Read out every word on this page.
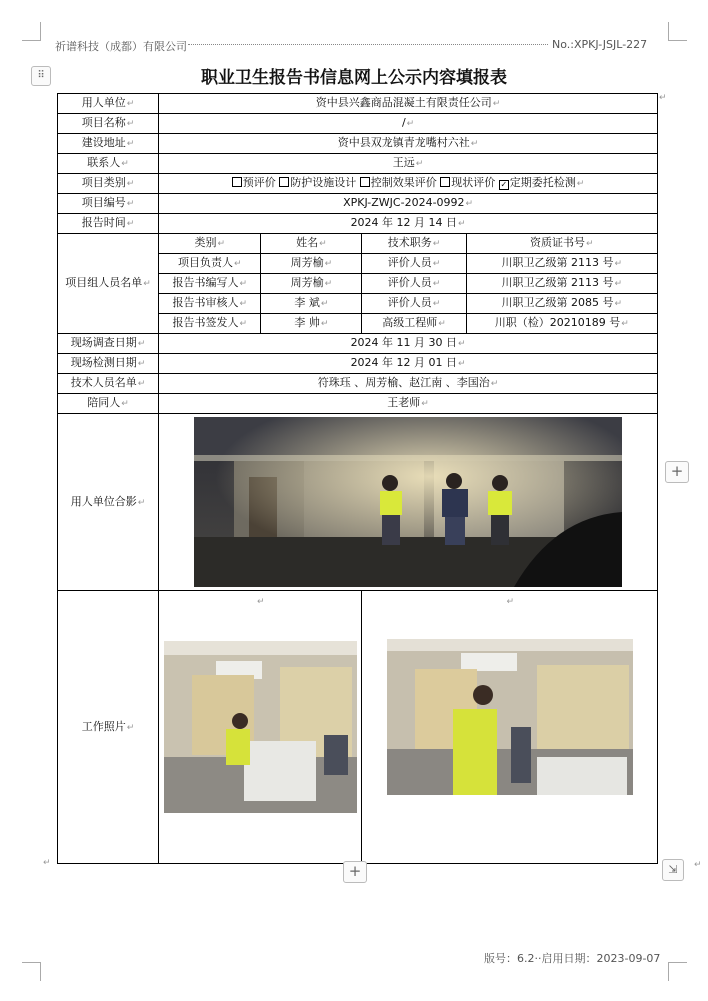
祈谱科技（成都）有限公司	No.:XPKJ-JSJL-227
⠿	职业卫生报告书信息网上公示内容填报表
用人单位↵	资中县兴鑫商品混凝土有限责任公司↵			
项目名称↵	/↵			
建设地址↵	资中县双龙镇青龙嘴村六社↵			
联系人↵	王远↵			
项目类别↵	预评价 防护设施设计 控制效果评价 现状评价 ✓ 定期委托检测↵			
项目编号↵	XPKJ-ZWJC-2024-0992↵			
报告时间↵	2024 年 12 月 14 日↵			
项目组人员名单↵	类别↵	姓名↵	技术职务↵	资质证书号↵
	项目负责人↵	周芳榆↵	评价人员↵	川职卫乙级第 2113 号↵
	报告书编写人↵	周芳榆↵	评价人员↵	川职卫乙级第 2113 号↵
	报告书审核人↵	李 斌↵	评价人员↵	川职卫乙级第 2085 号↵
	报告书签发人↵	李 帅↵	高级工程师↵	川职（检）20210189 号↵
现场调查日期↵	2024 年 11 月 30 日↵			
现场检测日期↵	2024 年 12 月 01 日↵			
技术人员名单↵	符珠珏 、周芳榆、赵江南 、李国治↵			
陪同人↵	王老师↵			
用人单位合影↵	

工作照片↵	↵		↵	
+
+	⇲
↵	↵
↵
版号：6.2··启用日期：2023-09-07
